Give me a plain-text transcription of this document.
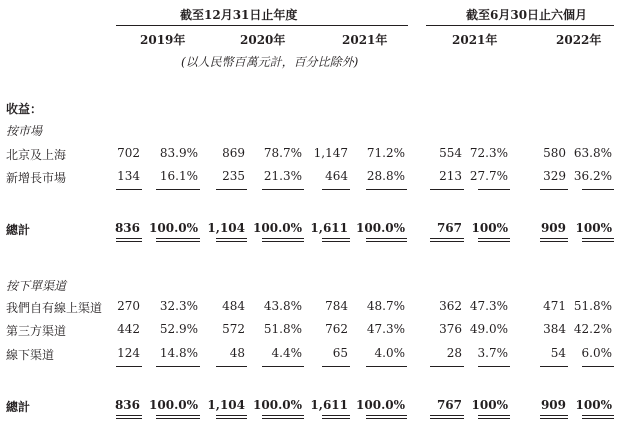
截至12月31日止年度	截至6月30日止六個月
2019年	2020年	2021年	2021年	2022年
(以人民幣百萬元計，百分比除外)
收益：
按市場
北京及上海	702	83.9%	869	78.7% 1,147	71.2%	554 72.3%	580 63.8%
新增長市場	134	16.1%	235	21.3%	464	28.8%	213 27.7%	329 36.2%
總計	836 100.0% 1,104 100.0% 1,611 100.0%	767 100%	909 100%
按下單渠道
我們自有線上渠道	270	32.3%	484	43.8%	784	48.7%	362 47.3%	471 51.8%
第三方渠道	442	52.9%	572	51.8%	762	47.3%	376 49.0%	384 42.2%
線下渠道	124	14.8%	48	4.4%	65	4.0%	28	3.7%	54	6.0%
總計	836 100.0% 1,104 100.0% 1,611 100.0%	767 100%	909 100%
